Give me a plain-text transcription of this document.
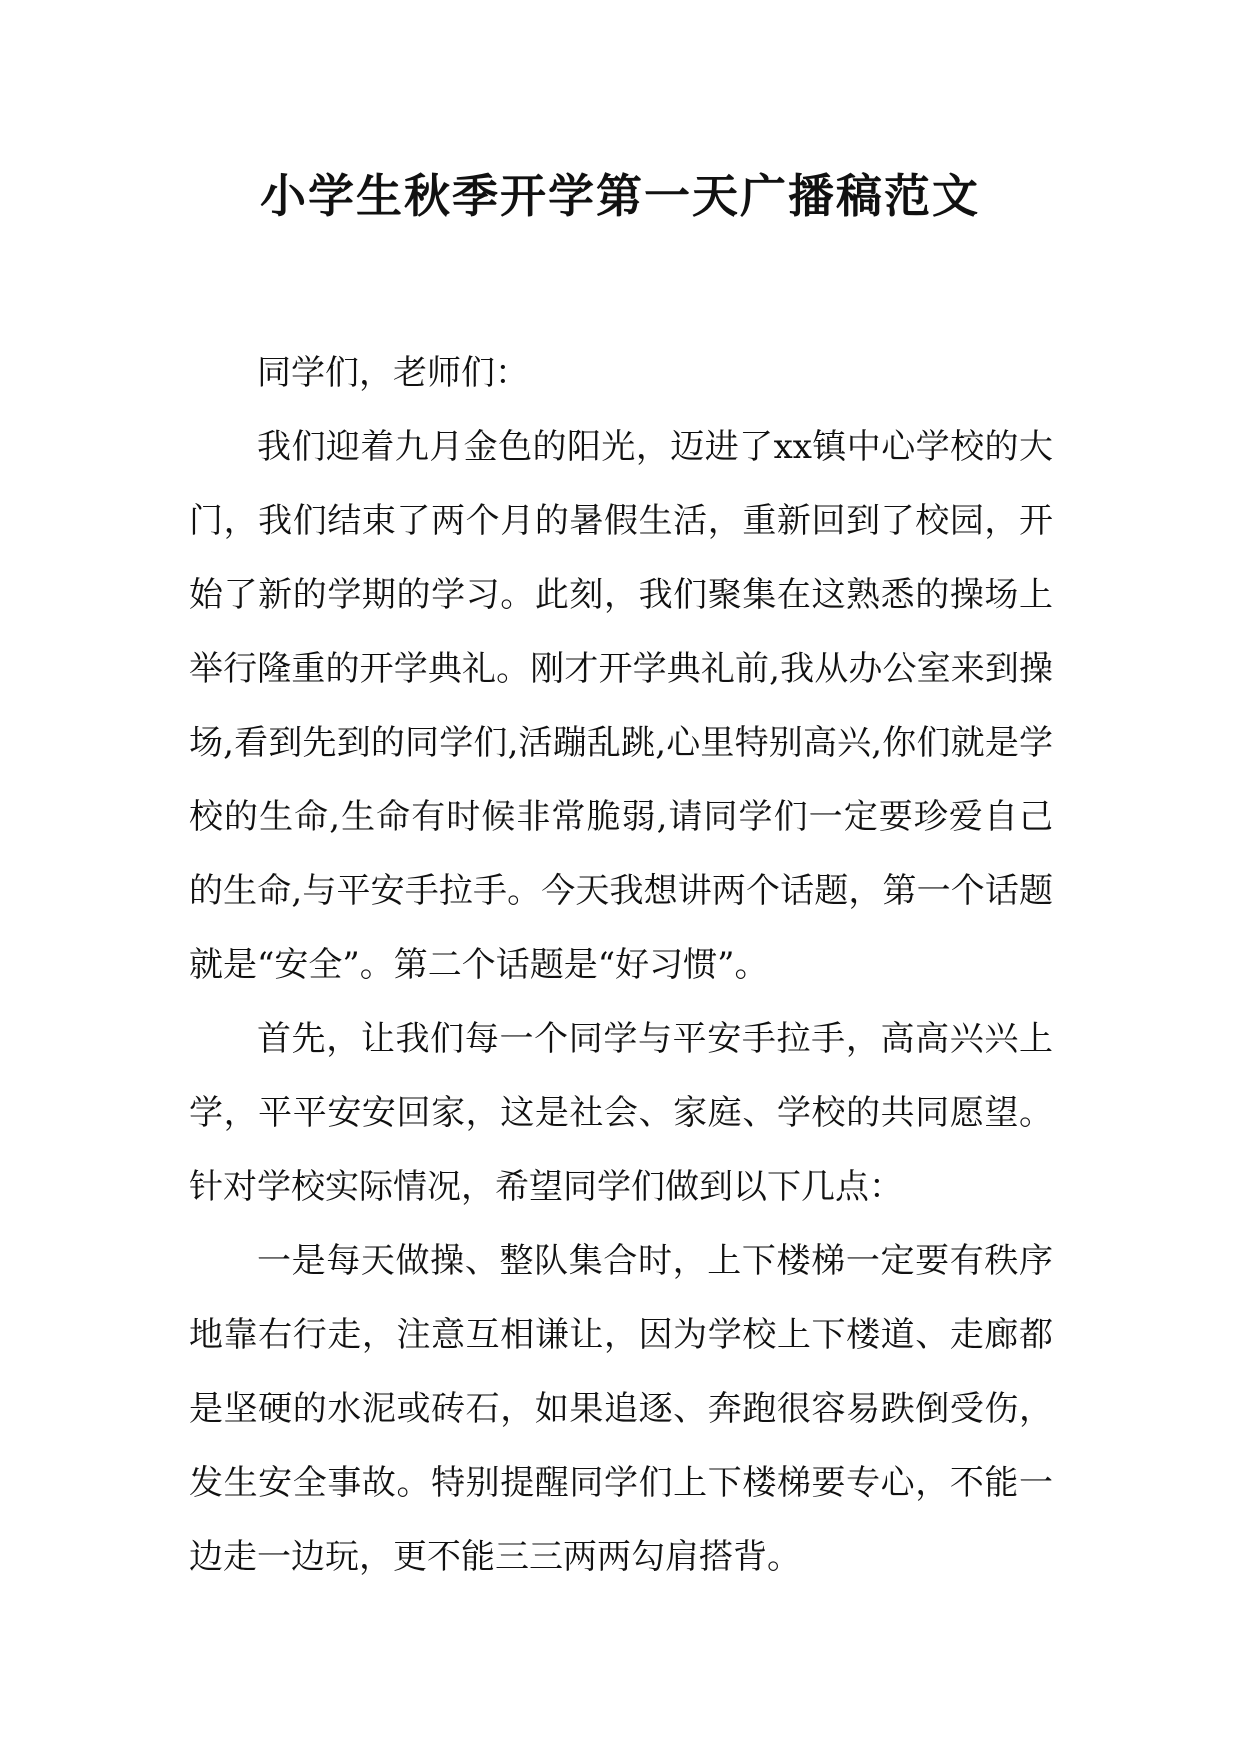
小学生秋季开学第一天广播稿范文

同学们，老师们：

我们迎着九月金色的阳光，迈进了xx镇中心学校的大门，我们结束了两个月的暑假生活，重新回到了校园，开始了新的学期的学习。此刻，我们聚集在这熟悉的操场上举行隆重的开学典礼。刚才开学典礼前,我从办公室来到操场,看到先到的同学们,活蹦乱跳,心里特别高兴,你们就是学校的生命,生命有时候非常脆弱,请同学们一定要珍爱自己的生命,与平安手拉手。今天我想讲两个话题，第一个话题就是“安全”。第二个话题是“好习惯”。

首先，让我们每一个同学与平安手拉手，高高兴兴上学，平平安安回家，这是社会、家庭、学校的共同愿望。针对学校实际情况，希望同学们做到以下几点：

一是每天做操、整队集合时，上下楼梯一定要有秩序地靠右行走，注意互相谦让，因为学校上下楼道、走廊都是坚硬的水泥或砖石，如果追逐、奔跑很容易跌倒受伤，发生安全事故。特别提醒同学们上下楼梯要专心，不能一边走一边玩，更不能三三两两勾肩搭背。
